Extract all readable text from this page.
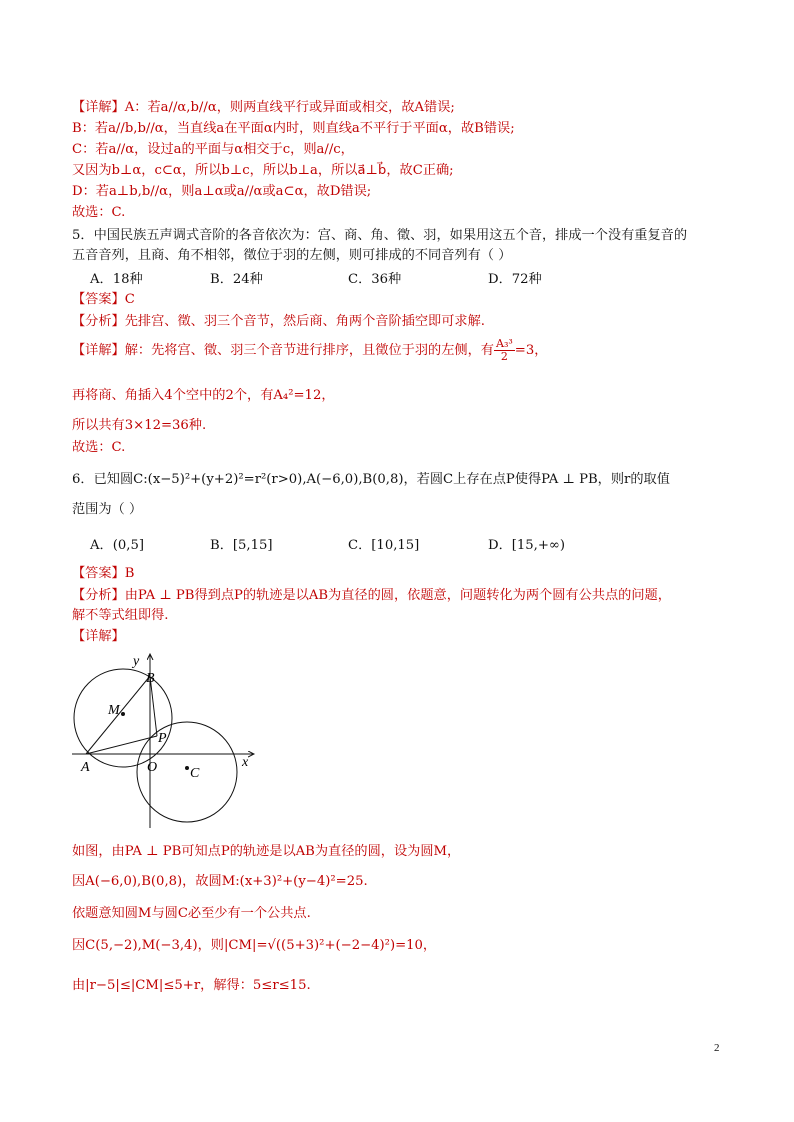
【详解】A：若a//α,b//α，则两直线平行或异面或相交，故A错误;
B：若a//b,b//α，当直线a在平面α内时，则直线a不平行于平面α，故B错误;
C：若a//α，设过a的平面与α相交于c，则a//c，
又因为b⊥α，c⊂α，所以b⊥c，所以b⊥a，所以a⃗⊥b⃗，故C正确;
D：若a⊥b,b//α，则a⊥α或a//α或a⊂α，故D错误;
故选：C.
5．中国民族五声调式音阶的各音依次为：宫、商、角、徵、羽，如果用这五个音，排成一个没有重复音的
五音音列，且商、角不相邻，徵位于羽的左侧，则可排成的不同音列有（ ）
A．18种	B．24种	C．36种	D．72种
【答案】C
【分析】先排宫、徵、羽三个音节，然后商、角两个音阶插空即可求解.
【详解】解：先将宫、徵、羽三个音节进行排序，且徵位于羽的左侧，有 $\frac{\text{A₃³}}{2} =3$，
再将商、角插入4个空中的2个，有A₄²=12，
所以共有3×12=36种.
故选：C.
6．已知圆C:(x−5)²+(y+2)²=r²(r>0),A(−6,0),B(0,8)，若圆C上存在点P使得PA ⊥ PB，则r的取值
范围为（ ）
A．(0,5]	B．[5,15]	C．[10,15]	D．[15,+∞)
【答案】B
【分析】由PA ⊥ PB得到点P的轨迹是以AB为直径的圆，依题意，问题转化为两个圆有公共点的问题，
解不等式组即得.
【详解】
y
x
B
M
P
A	O C
如图，由PA ⊥ PB可知点P的轨迹是以AB为直径的圆，设为圆M，
因A(−6,0),B(0,8)，故圆M:(x+3)²+(y−4)²=25.
依题意知圆M与圆C必至少有一个公共点.
因C(5,−2),M(−3,4)，则|CM|=√((5+3)²+(−2−4)²)=10，
由|r−5|≤|CM|≤5+r，解得：5≤r≤15.
2
